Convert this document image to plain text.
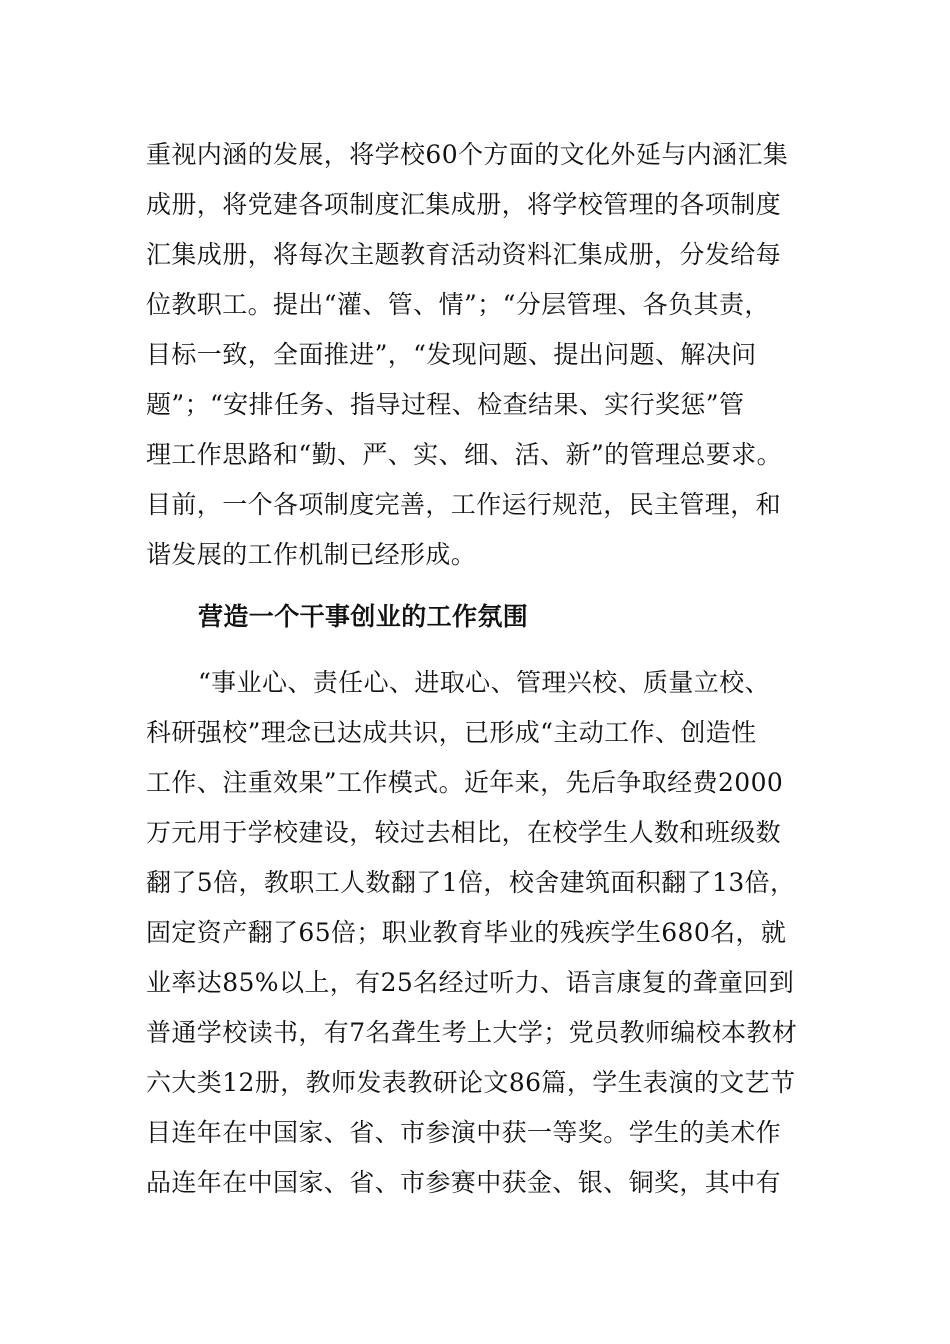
重视内涵的发展，将学校60个方面的文化外延与内涵汇集
成册，将党建各项制度汇集成册，将学校管理的各项制度
汇集成册，将每次主题教育活动资料汇集成册，分发给每
位教职工。提出“灌、管、情”；“分层管理、各负其责，
目标一致，全面推进”，“发现问题、提出问题、解决问
题”；“安排任务、指导过程、检查结果、实行奖惩”管
理工作思路和“勤、严、实、细、活、新”的管理总要求。
目前，一个各项制度完善，工作运行规范，民主管理，和
谐发展的工作机制已经形成。
营造一个干事创业的工作氛围
“事业心、责任心、进取心、管理兴校、质量立校、
科研强校”理念已达成共识，已形成“主动工作、创造性
工作、注重效果”工作模式。近年来，先后争取经费2000
万元用于学校建设，较过去相比，在校学生人数和班级数
翻了5倍，教职工人数翻了1倍，校舍建筑面积翻了13倍，
固定资产翻了65倍；职业教育毕业的残疾学生680名，就
业率达85%以上，有25名经过听力、语言康复的聋童回到
普通学校读书，有7名聋生考上大学；党员教师编校本教材
六大类12册，教师发表教研论文86篇，学生表演的文艺节
目连年在中国家、省、市参演中获一等奖。学生的美术作
品连年在中国家、省、市参赛中获金、银、铜奖，其中有
